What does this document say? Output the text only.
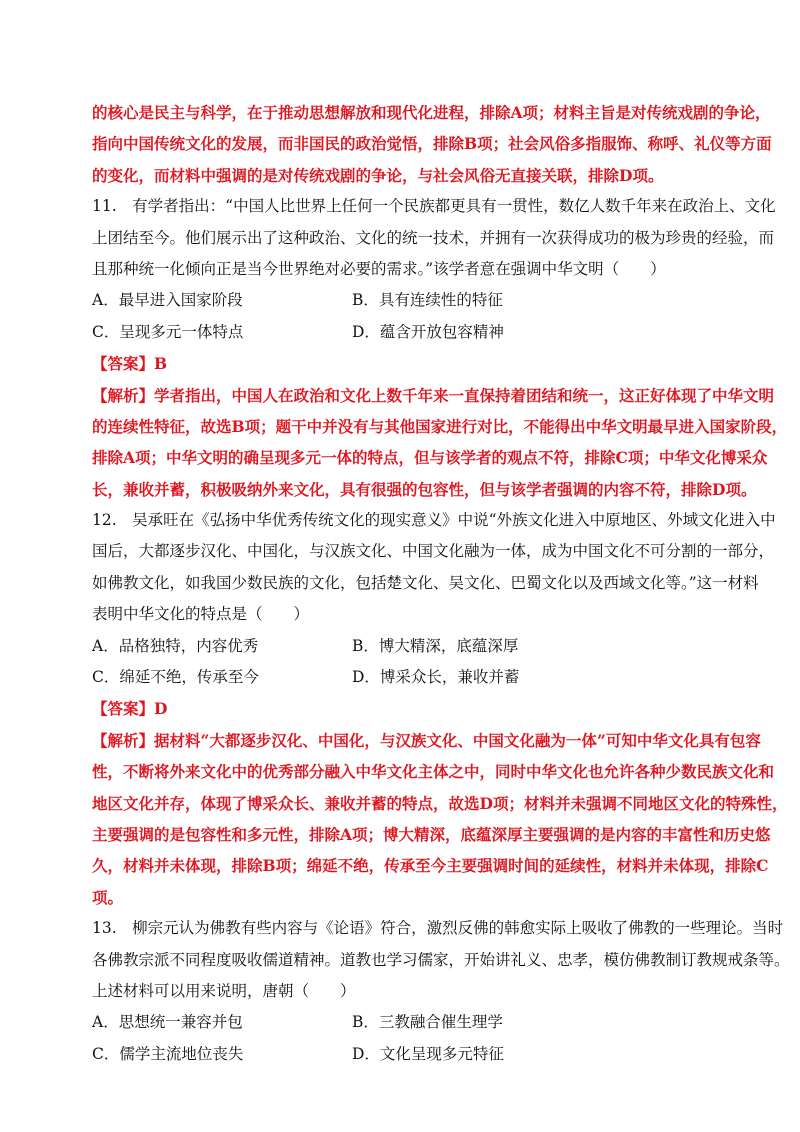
的核心是民主与科学，在于推动思想解放和现代化进程，排除A项；材料主旨是对传统戏剧的争论，
指向中国传统文化的发展，而非国民的政治觉悟，排除B项；社会风俗多指服饰、称呼、礼仪等方面
的变化，而材料中强调的是对传统戏剧的争论，与社会风俗无直接关联，排除D项。
11.　有学者指出：“中国人比世界上任何一个民族都更具有一贯性，数亿人数千年来在政治上、文化
上团结至今。他们展示出了这种政治、文化的统一技术，并拥有一次获得成功的极为珍贵的经验，而
且那种统一化倾向正是当今世界绝对必要的需求。”该学者意在强调中华文明（　　）
A．最早进入国家阶段	B．具有连续性的特征
C．呈现多元一体特点	D．蕴含开放包容精神
【答案】B
【解析】学者指出，中国人在政治和文化上数千年来一直保持着团结和统一，这正好体现了中华文明
的连续性特征，故选B项；题干中并没有与其他国家进行对比，不能得出中华文明最早进入国家阶段，
排除A项；中华文明的确呈现多元一体的特点，但与该学者的观点不符，排除C项；中华文化博采众
长，兼收并蓄，积极吸纳外来文化，具有很强的包容性，但与该学者强调的内容不符，排除D项。
12.　吴承旺在《弘扬中华优秀传统文化的现实意义》中说“外族文化进入中原地区、外域文化进入中
国后，大都逐步汉化、中国化，与汉族文化、中国文化融为一体，成为中国文化不可分割的一部分，
如佛教文化，如我国少数民族的文化，包括楚文化、吴文化、巴蜀文化以及西域文化等。”这一材料
表明中华文化的特点是（　　）
A．品格独特，内容优秀	B．博大精深，底蕴深厚
C．绵延不绝，传承至今	D．博采众长，兼收并蓄
【答案】D
【解析】据材料“大都逐步汉化、中国化，与汉族文化、中国文化融为一体”可知中华文化具有包容
性，不断将外来文化中的优秀部分融入中华文化主体之中，同时中华文化也允许各种少数民族文化和
地区文化并存，体现了博采众长、兼收并蓄的特点，故选D项；材料并未强调不同地区文化的特殊性，
主要强调的是包容性和多元性，排除A项；博大精深，底蕴深厚主要强调的是内容的丰富性和历史悠
久，材料并未体现，排除B项；绵延不绝，传承至今主要强调时间的延续性，材料并未体现，排除C
项。
13.　柳宗元认为佛教有些内容与《论语》符合，激烈反佛的韩愈实际上吸收了佛教的一些理论。当时
各佛教宗派不同程度吸收儒道精神。道教也学习儒家，开始讲礼义、忠孝，模仿佛教制订教规戒条等。
上述材料可以用来说明，唐朝（　　）
A．思想统一兼容并包	B．三教融合催生理学
C．儒学主流地位丧失	D．文化呈现多元特征
